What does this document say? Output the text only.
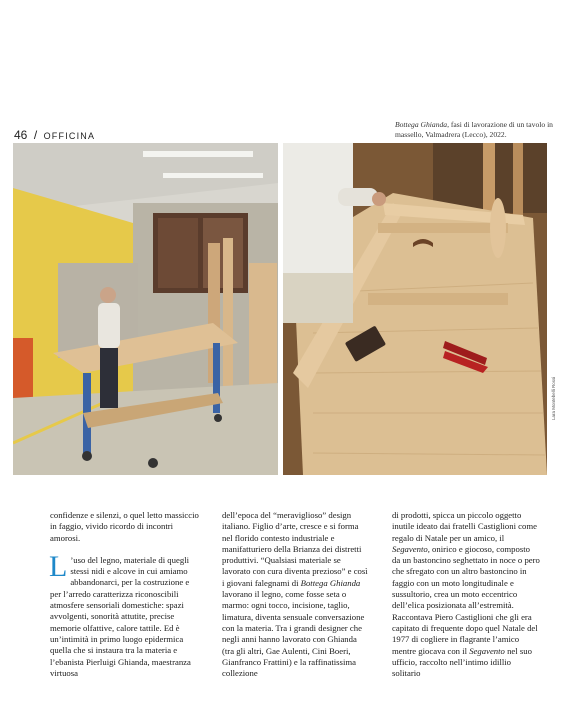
46 / OFFICINA
Bottega Ghianda, fasi di lavorazione di un tavolo in massello, Valmadrera (Lecco), 2022.
Lara Montebelli Rossi

confidenze e silenzi, o quel letto massiccio in faggio, vivido ricordo di incontri amorosi.

L ’uso del legno, materiale di quegli stessi nidi e alcove in cui amiamo abbandonarci, per la costruzione e per l’arredo caratterizza riconoscibili atmosfere sensoriali domestiche: spazi avvolgenti, sonorità attutite, precise memorie olfattive, calore tattile. Ed è un’intimità in primo luogo epidermica quella che si instaura tra la materia e l’ebanista Pierluigi Ghianda, maestranza virtuosa

dell’epoca del “meraviglioso” design italiano. Figlio d’arte, cresce e si forma nel florido contesto industriale e manifatturiero della Brianza dei distretti produttivi. “Qualsiasi materiale se lavorato con cura diventa prezioso” e così i giovani falegnami di Bottega Ghianda lavorano il legno, come fosse seta o marmo: ogni tocco, incisione, taglio, limatura, diventa sensuale conversazione con la materia. Tra i grandi designer che negli anni hanno lavorato con Ghianda (tra gli altri, Gae Aulenti, Cini Boeri, Gianfranco Frattini) e la raffinatissima collezione

di prodotti, spicca un piccolo oggetto inutile ideato dai fratelli Castiglioni come regalo di Natale per un amico, il Segavento, onirico e giocoso, composto da un bastoncino seghettato in noce o pero che sfregato con un altro bastoncino in faggio con un moto longitudinale e sussultorio, crea un moto eccentrico dell’elica posizionata all’estremità. Raccontava Piero Castiglioni che gli era capitato di frequente dopo quel Natale del 1977 di coglierе in flagrante l’amico mentre giocava con il Segavento nel suo ufficio, raccolto nell’intimo idillio solitario
